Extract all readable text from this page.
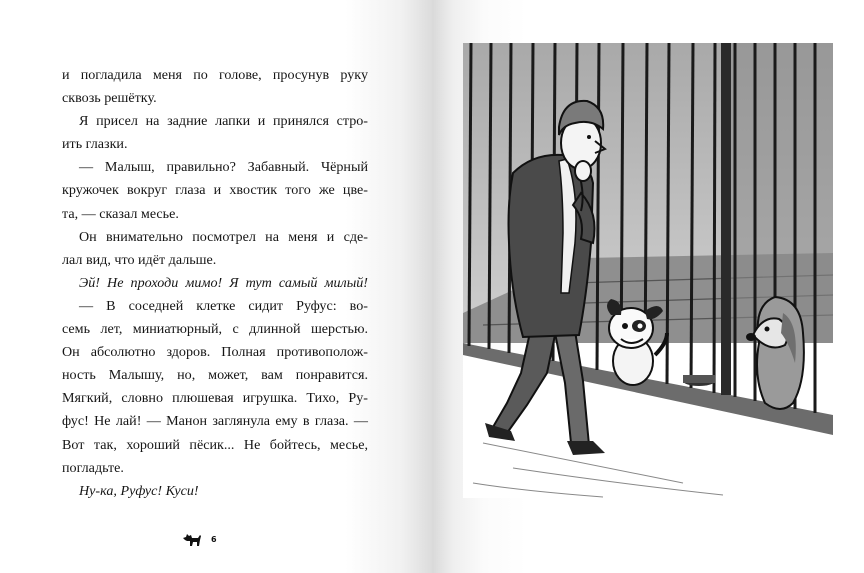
и погладила меня по голове, просунув руку
сквозь решётку.
Я присел на задние лапки и принялся стро-
ить глазки.
— Малыш, правильно? Забавный. Чёрный
кружочек вокруг глаза и хвостик того же цве-
та, — сказал месье.
Он внимательно посмотрел на меня и сде-
лал вид, что идёт дальше.
Эй! Не проходи мимо! Я тут самый милый!
— В соседней клетке сидит Руфус: во-
семь лет, миниатюрный, с длинной шерстью.
Он абсолютно здоров. Полная противополож-
ность Малышу, но, может, вам понравится.
Мягкий, словно плюшевая игрушка. Тихо, Ру-
фус! Не лай! — Манон заглянула ему в глаза. —
Вот так, хороший пёсик... Не бойтесь, месье,
погладьте.
Ну-ка, Руфус! Куси!
6
